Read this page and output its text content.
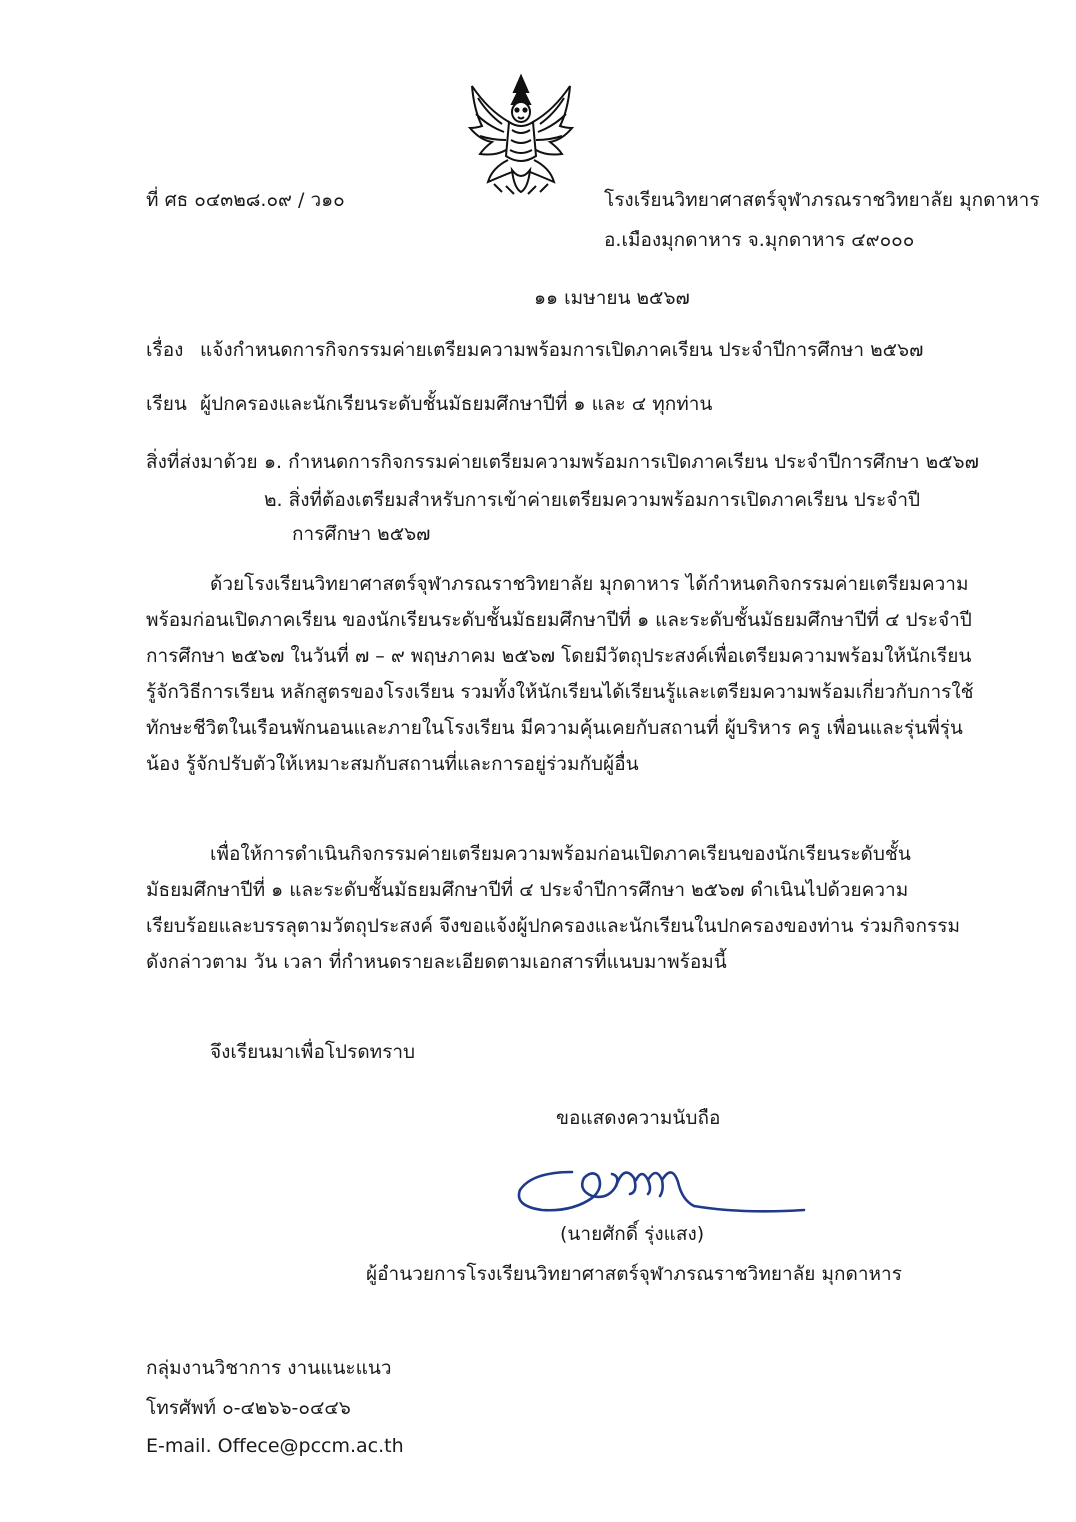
ที่ ศธ ๐๔๓๒๘.๐๙ / ว๑๐	โรงเรียนวิทยาศาสตร์จุฬาภรณราชวิทยาลัย มุกดาหาร
อ.เมืองมุกดาหาร จ.มุกดาหาร ๔๙๐๐๐
๑๑ เมษายน ๒๕๖๗
เรื่อง แจ้งกำหนดการกิจกรรมค่ายเตรียมความพร้อมการเปิดภาคเรียน ประจำปีการศึกษา ๒๕๖๗
เรียน ผู้ปกครองและนักเรียนระดับชั้นมัธยมศึกษาปีที่ ๑ และ ๔ ทุกท่าน
สิ่งที่ส่งมาด้วย ๑. กำหนดการกิจกรรมค่ายเตรียมความพร้อมการเปิดภาคเรียน ประจำปีการศึกษา ๒๕๖๗
๒. สิ่งที่ต้องเตรียมสำหรับการเข้าค่ายเตรียมความพร้อมการเปิดภาคเรียน ประจำปี
การศึกษา ๒๕๖๗
ด้วยโรงเรียนวิทยาศาสตร์จุฬาภรณราชวิทยาลัย มุกดาหาร ได้กำหนดกิจกรรมค่ายเตรียมความ
พร้อมก่อนเปิดภาคเรียน ของนักเรียนระดับชั้นมัธยมศึกษาปีที่ ๑ และระดับชั้นมัธยมศึกษาปีที่ ๔ ประจำปี
การศึกษา ๒๕๖๗ ในวันที่ ๗ – ๙ พฤษภาคม ๒๕๖๗ โดยมีวัตถุประสงค์เพื่อเตรียมความพร้อมให้นักเรียน
รู้จักวิธีการเรียน หลักสูตรของโรงเรียน รวมทั้งให้นักเรียนได้เรียนรู้และเตรียมความพร้อมเกี่ยวกับการใช้
ทักษะชีวิตในเรือนพักนอนและภายในโรงเรียน มีความคุ้นเคยกับสถานที่ ผู้บริหาร ครู เพื่อนและรุ่นพี่รุ่น
น้อง รู้จักปรับตัวให้เหมาะสมกับสถานที่และการอยู่ร่วมกับผู้อื่น
เพื่อให้การดำเนินกิจกรรมค่ายเตรียมความพร้อมก่อนเปิดภาคเรียนของนักเรียนระดับชั้น
มัธยมศึกษาปีที่ ๑ และระดับชั้นมัธยมศึกษาปีที่ ๔ ประจำปีการศึกษา ๒๕๖๗ ดำเนินไปด้วยความ
เรียบร้อยและบรรลุตามวัตถุประสงค์ จึงขอแจ้งผู้ปกครองและนักเรียนในปกครองของท่าน ร่วมกิจกรรม
ดังกล่าวตาม วัน เวลา ที่กำหนดรายละเอียดตามเอกสารที่แนบมาพร้อมนี้
จึงเรียนมาเพื่อโปรดทราบ
ขอแสดงความนับถือ
(นายศักดิ์ รุ่งแสง)
ผู้อำนวยการโรงเรียนวิทยาศาสตร์จุฬาภรณราชวิทยาลัย มุกดาหาร
กลุ่มงานวิชาการ งานแนะแนว
โทรศัพท์ ๐-๔๒๖๖-๐๔๔๖
E-mail. Offece@pccm.ac.th
